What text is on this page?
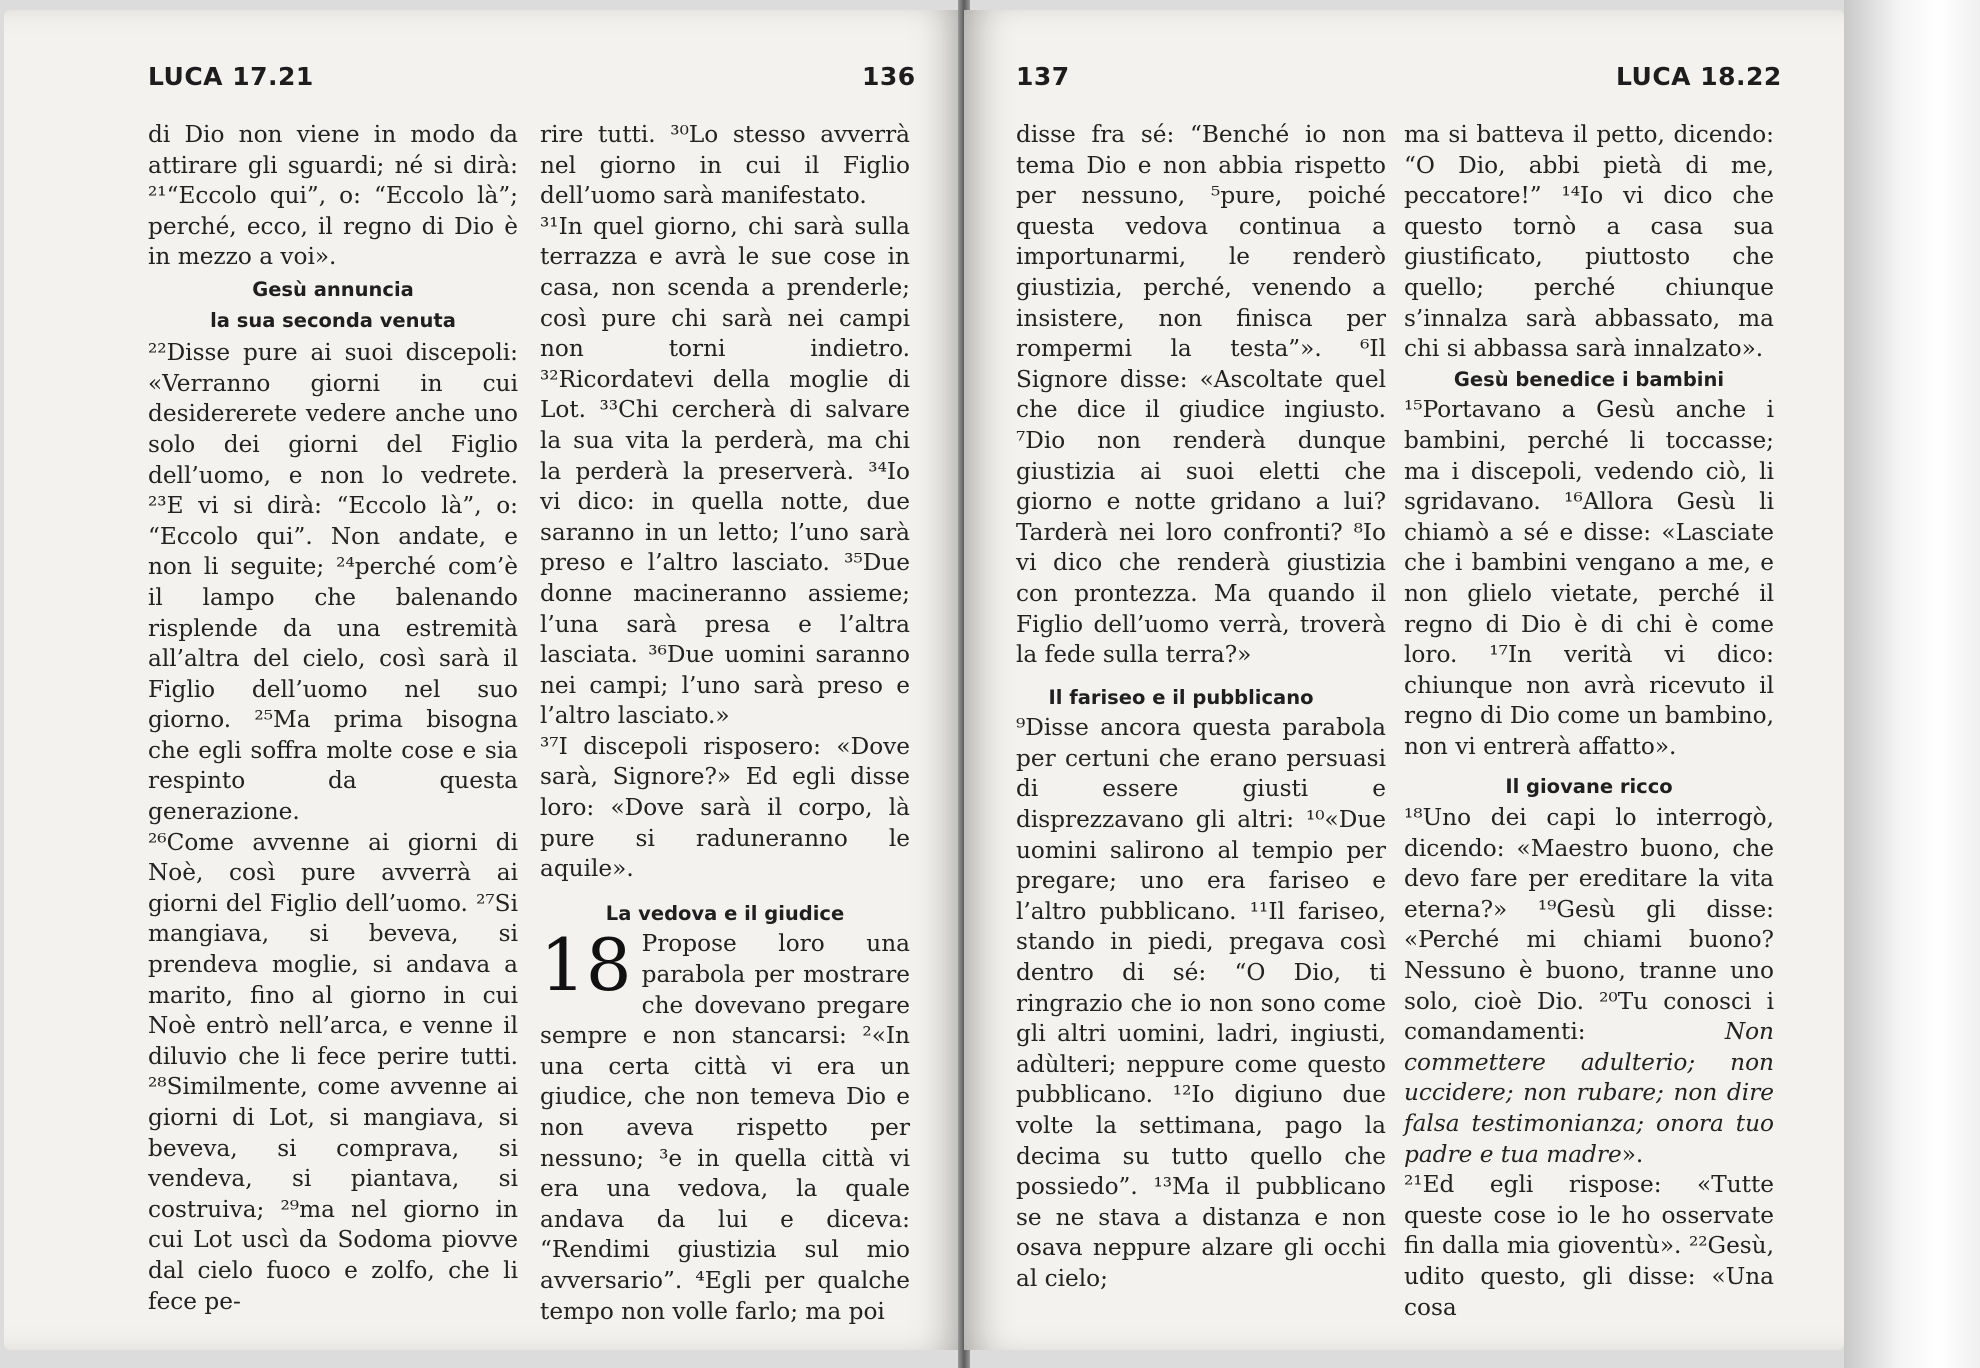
LUCA 17.21	136

di Dio non viene in modo da attirare gli sguardi; né si dirà: ²¹“Eccolo qui”, o: “Eccolo là”; perché, ecco, il regno di Dio è in mezzo a voi».

Gesù annuncia
la sua seconda venuta

²²Disse pure ai suoi discepoli: «Verranno giorni in cui desidererete vedere anche uno solo dei giorni del Figlio dell’uomo, e non lo vedrete. ²³E vi si dirà: “Eccolo là”, o: “Eccolo qui”. Non andate, e non li seguite; ²⁴perché com’è il lampo che balenando risplende da una estremità all’altra del cielo, così sarà il Figlio dell’uomo nel suo giorno. ²⁵Ma prima bisogna che egli soffra molte cose e sia respinto da questa generazione.

²⁶Come avvenne ai giorni di Noè, così pure avverrà ai giorni del Figlio dell’uomo. ²⁷Si mangiava, si beveva, si prendeva moglie, si andava a marito, fino al giorno in cui Noè entrò nell’arca, e venne il diluvio che li fece perire tutti. ²⁸Similmente, come avvenne ai giorni di Lot, si mangiava, si beveva, si comprava, si vendeva, si piantava, si costruiva; ²⁹ma nel giorno in cui Lot uscì da Sodoma piovve dal cielo fuoco e zolfo, che li fece pe-

rire tutti. ³⁰Lo stesso avverrà nel giorno in cui il Figlio dell’uomo sarà manifestato.

³¹In quel giorno, chi sarà sulla terrazza e avrà le sue cose in casa, non scenda a prenderle; così pure chi sarà nei campi non torni indietro. ³²Ricordatevi della moglie di Lot. ³³Chi cercherà di salvare la sua vita la perderà, ma chi la perderà la preserverà. ³⁴Io vi dico: in quella notte, due saranno in un letto; l’uno sarà preso e l’altro lasciato. ³⁵Due donne macineranno assieme; l’una sarà presa e l’altra lasciata. ³⁶Due uomini saranno nei campi; l’uno sarà preso e l’altro lasciato.»

³⁷I discepoli risposero: «Dove sarà, Signore?» Ed egli disse loro: «Dove sarà il corpo, là pure si raduneranno le aquile».

La vedova e il giudice

18 Propose loro una parabola per mostrare che dovevano pregare sempre e non stancarsi: ²«In una certa città vi era un giudice, che non temeva Dio e non aveva rispetto per nessuno; ³e in quella città vi era una vedova, la quale andava da lui e diceva: “Rendimi giustizia sul mio avversario”. ⁴Egli per qualche tempo non volle farlo; ma poi

137	LUCA 18.22

disse fra sé: “Benché io non tema Dio e non abbia rispetto per nessuno, ⁵pure, poiché questa vedova continua a importunarmi, le renderò giustizia, perché, venendo a insistere, non finisca per rompermi la testa”». ⁶Il Signore disse: «Ascoltate quel che dice il giudice ingiusto. ⁷Dio non renderà dunque giustizia ai suoi eletti che giorno e notte gridano a lui? Tarderà nei loro confronti? ⁸Io vi dico che renderà giustizia con prontezza. Ma quando il Figlio dell’uomo verrà, troverà la fede sulla terra?»

Il fariseo e il pubblicano

⁹Disse ancora questa parabola per certuni che erano persuasi di essere giusti e disprezzavano gli altri: ¹⁰«Due uomini salirono al tempio per pregare; uno era fariseo e l’altro pubblicano. ¹¹Il fariseo, stando in piedi, pregava così dentro di sé: “O Dio, ti ringrazio che io non sono come gli altri uomini, ladri, ingiusti, adùlteri; neppure come questo pubblicano. ¹²Io digiuno due volte la settimana, pago la decima su tutto quello che possiedo”. ¹³Ma il pubblicano se ne stava a distanza e non osava neppure alzare gli occhi al cielo;

ma si batteva il petto, dicendo: “O Dio, abbi pietà di me, peccatore!” ¹⁴Io vi dico che questo tornò a casa sua giustificato, piuttosto che quello; perché chiunque s’innalza sarà abbassato, ma chi si abbassa sarà innalzato».

Gesù benedice i bambini

¹⁵Portavano a Gesù anche i bambini, perché li toccasse; ma i discepoli, vedendo ciò, li sgridavano. ¹⁶Allora Gesù li chiamò a sé e disse: «Lasciate che i bambini vengano a me, e non glielo vietate, perché il regno di Dio è di chi è come loro. ¹⁷In verità vi dico: chiunque non avrà ricevuto il regno di Dio come un bambino, non vi entrerà affatto».

Il giovane ricco

¹⁸Uno dei capi lo interrogò, dicendo: «Maestro buono, che devo fare per ereditare la vita eterna?» ¹⁹Gesù gli disse: «Perché mi chiami buono? Nessuno è buono, tranne uno solo, cioè Dio. ²⁰Tu conosci i comandamenti: Non commettere adulterio; non uccidere; non rubare; non dire falsa testimonianza; onora tuo padre e tua madre».

²¹Ed egli rispose: «Tutte queste cose io le ho osservate fin dalla mia gioventù». ²²Gesù, udito questo, gli disse: «Una cosa
